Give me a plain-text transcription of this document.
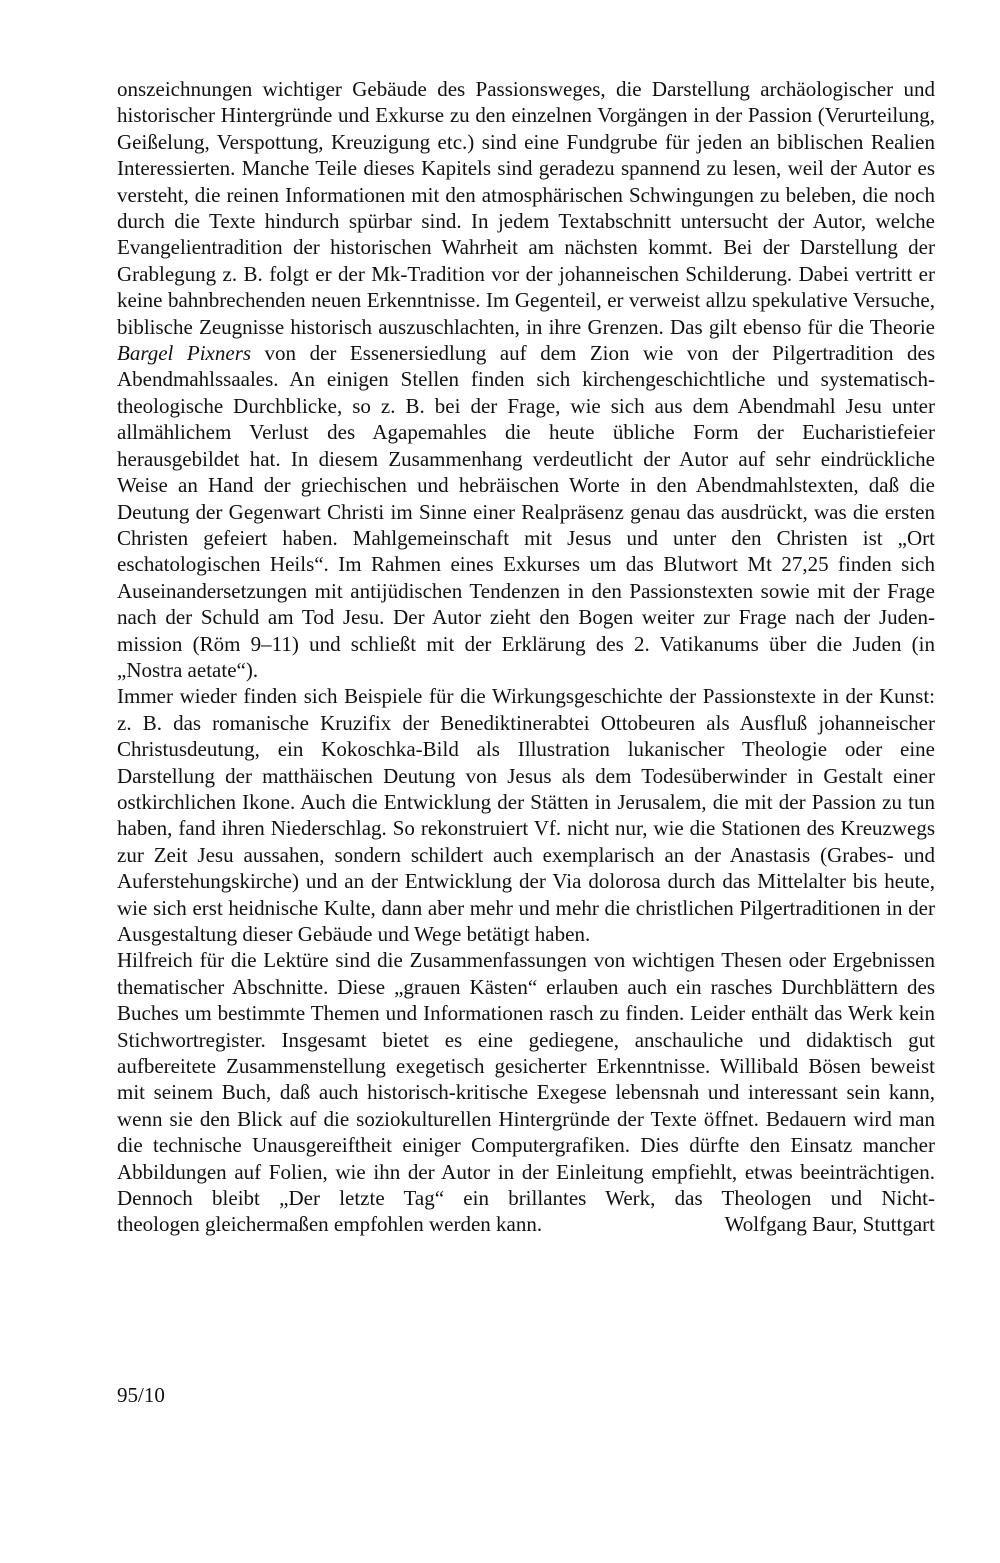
onszeichnungen wichtiger Gebäude des Passionsweges, die Darstellung archäologischer und historischer Hintergründe und Exkurse zu den einzelnen Vorgängen in der Passion (Verurteilung, Geißelung, Verspottung, Kreuzigung etc.) sind eine Fundgrube für jeden an biblischen Realien Interessierten. Manche Teile dieses Kapitels sind geradezu spannend zu lesen, weil der Autor es versteht, die reinen Informationen mit den atmosphärischen Schwingungen zu beleben, die noch durch die Texte hindurch spürbar sind. In jedem Textabschnitt untersucht der Autor, welche Evangelientradition der historischen Wahrheit am nächsten kommt. Bei der Darstellung der Grablegung z. B. folgt er der Mk-Tradition vor der johanneischen Schilderung. Dabei vertritt er keine bahnbrechenden neuen Erkenntnisse. Im Gegenteil, er verweist allzu spekulative Versuche, biblische Zeugnisse historisch auszuschlachten, in ihre Grenzen. Das gilt ebenso für die Theorie Bargel Pixners von der Essenersiedlung auf dem Zion wie von der Pilgertradition des Abendmahlssaales. An einigen Stellen finden sich kirchengeschichtliche und systematisch-theologische Durchblicke, so z. B. bei der Frage, wie sich aus dem Abendmahl Jesu unter allmählichem Verlust des Agapemahles die heute übliche Form der Eucharistiefeier herausgebildet hat. In diesem Zusammenhang verdeutlicht der Autor auf sehr eindrückliche Weise an Hand der griechischen und hebräischen Worte in den Abendmahlstexten, daß die Deutung der Gegenwart Christi im Sinne einer Realpräsenz genau das ausdrückt, was die ersten Christen gefeiert haben. Mahlgemeinschaft mit Jesus und unter den Christen ist „Ort eschatologischen Heils“. Im Rahmen eines Exkurses um das Blutwort Mt 27,25 finden sich Auseinandersetzungen mit antijüdischen Tendenzen in den Passionstexten sowie mit der Frage nach der Schuld am Tod Jesu. Der Autor zieht den Bogen weiter zur Frage nach der Judenmission (Röm 9–11) und schließt mit der Erklärung des 2. Vatikanums über die Juden (in „Nostra aetate“).

Immer wieder finden sich Beispiele für die Wirkungsgeschichte der Passionstexte in der Kunst: z. B. das romanische Kruzifix der Benediktinerabtei Ottobeuren als Ausfluß johanneischer Christusdeutung, ein Kokoschka-Bild als Illustration lukanischer Theologie oder eine Darstellung der matthäischen Deutung von Jesus als dem Todesüberwinder in Gestalt einer ostkirchlichen Ikone. Auch die Entwicklung der Stätten in Jerusalem, die mit der Passion zu tun haben, fand ihren Niederschlag. So rekonstruiert Vf. nicht nur, wie die Stationen des Kreuzwegs zur Zeit Jesu aussahen, sondern schildert auch exemplarisch an der Anastasis (Grabes- und Auferstehungskirche) und an der Entwicklung der Via dolorosa durch das Mittelalter bis heute, wie sich erst heidnische Kulte, dann aber mehr und mehr die christlichen Pilgertraditionen in der Ausgestaltung dieser Gebäude und Wege betätigt haben.

Hilfreich für die Lektüre sind die Zusammenfassungen von wichtigen Thesen oder Ergebnissen thematischer Abschnitte. Diese „grauen Kästen“ erlauben auch ein rasches Durchblättern des Buches um bestimmte Themen und Informationen rasch zu finden. Leider enthält das Werk kein Stichwortregister. Insgesamt bietet es eine gediegene, anschauliche und didaktisch gut aufbereitete Zusammenstellung exegetisch gesicherter Erkenntnisse. Willibald Bösen beweist mit seinem Buch, daß auch historisch-kritische Exegese lebensnah und interessant sein kann, wenn sie den Blick auf die soziokulturellen Hintergründe der Texte öffnet. Bedauern wird man die technische Unausgereiftheit einiger Computergrafiken. Dies dürfte den Einsatz mancher Abbildungen auf Folien, wie ihn der Autor in der Einleitung empfiehlt, etwas beeinträchtigen. Dennoch bleibt „Der letzte Tag“ ein brillantes Werk, das Theologen und Nicht-

theologen gleichermaßen empfohlen werden kann.	Wolfgang Baur, Stuttgart
95/10
